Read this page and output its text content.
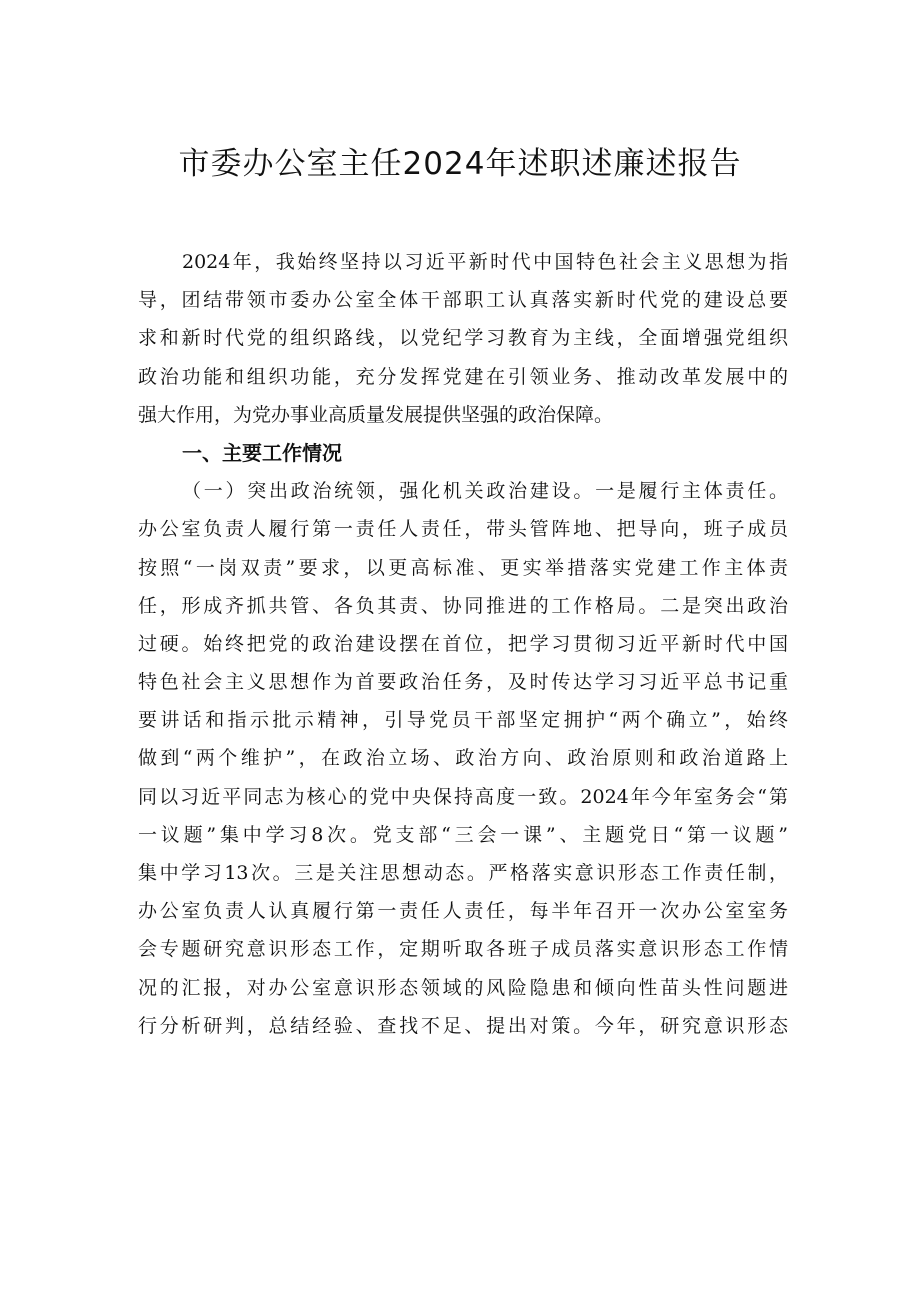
市委办公室主任2024年述职述廉述报告
2024年，我始终坚持以习近平新时代中国特色社会主义思想为指
导，团结带领市委办公室全体干部职工认真落实新时代党的建设总要
求和新时代党的组织路线，以党纪学习教育为主线，全面增强党组织
政治功能和组织功能，充分发挥党建在引领业务、推动改革发展中的
强大作用，为党办事业高质量发展提供坚强的政治保障。
一、主要工作情况
（一）突出政治统领，强化机关政治建设。一是履行主体责任。
办公室负责人履行第一责任人责任，带头管阵地、把导向，班子成员
按照“一岗双责”要求，以更高标准、更实举措落实党建工作主体责
任，形成齐抓共管、各负其责、协同推进的工作格局。二是突出政治
过硬。始终把党的政治建设摆在首位，把学习贯彻习近平新时代中国
特色社会主义思想作为首要政治任务，及时传达学习习近平总书记重
要讲话和指示批示精神，引导党员干部坚定拥护“两个确立”，始终
做到“两个维护”，在政治立场、政治方向、政治原则和政治道路上
同以习近平同志为核心的党中央保持高度一致。2024年今年室务会“第
一议题”集中学习8次。党支部“三会一课”、主题党日“第一议题”
集中学习13次。三是关注思想动态。严格落实意识形态工作责任制，
办公室负责人认真履行第一责任人责任，每半年召开一次办公室室务
会专题研究意识形态工作，定期听取各班子成员落实意识形态工作情
况的汇报，对办公室意识形态领域的风险隐患和倾向性苗头性问题进
行分析研判，总结经验、查找不足、提出对策。今年，研究意识形态
